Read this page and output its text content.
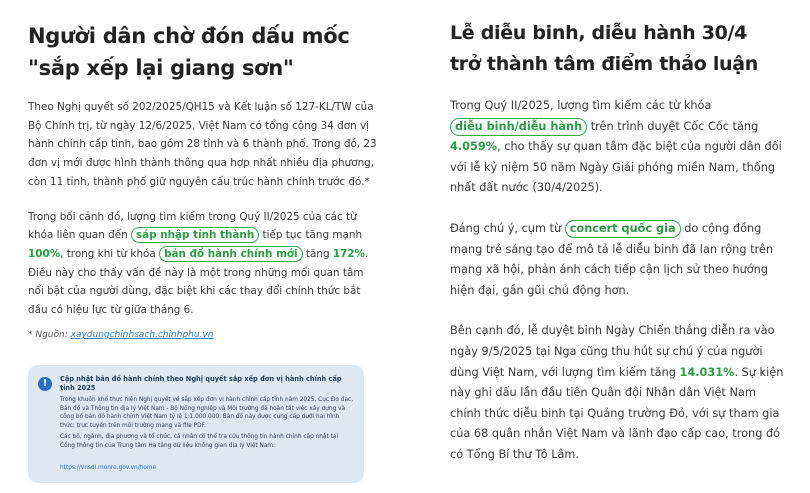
Người dân chờ đón dấu mốc
"sắp xếp lại giang sơn"

Theo Nghị quyết số 202/2025/QH15 và Kết luận số 127-KL/TW của Bộ Chính trị, từ ngày 12/6/2025, Việt Nam có tổng cộng 34 đơn vị hành chính cấp tỉnh, bao gồm 28 tỉnh và 6 thành phố. Trong đó, 23 đơn vị mới được hình thành thông qua hợp nhất nhiều địa phương, còn 11 tỉnh, thành phố giữ nguyên cấu trúc hành chính trước đó.*

Trong bối cảnh đó, lượng tìm kiếm trong Quý II/2025 của các từ khóa liên quan đến sáp nhập tỉnh thành tiếp tục tăng mạnh 100%, trong khi từ khóa bản đồ hành chính mới tăng 172%. Điều này cho thấy vấn đề này là một trong những mối quan tâm nổi bật của người dùng, đặc biệt khi các thay đổi chính thức bắt đầu có hiệu lực từ giữa tháng 6.

* Nguồn: xaydungchinhsach.chinhphu.vn

!	Cập nhật bản đồ hành chính theo Nghị quyết sắp xếp đơn vị hành chính cấp tỉnh 2025

Trong khuôn khổ thực hiện Nghị quyết về sắp xếp đơn vị hành chính cấp tỉnh năm 2025, Cục Đo đạc, Bản đồ và Thông tin địa lý Việt Nam - Bộ Nông nghiệp và Môi trường đã hoàn tất việc xây dựng và công bố bản đồ hành chính Việt Nam tỷ lệ 1:1.000.000. Bản đồ này được cung cấp dưới hai hình thức: trực tuyến trên môi trường mạng và file PDF.

Các bộ, ngành, địa phương và tổ chức, cá nhân có thể tra cứu thông tin hành chính cập nhật tại Cổng thông tin của Trung tâm Hạ tầng dữ liệu không gian địa lý Việt Nam:

https://vnsdi.monre.gov.vn/home
Lễ diễu binh, diễu hành 30/4
trở thành tâm điểm thảo luận

Trong Quý II/2025, lượng tìm kiếm các từ khóa diễu binh/diễu hành trên trình duyệt Cốc Cốc tăng 4.059%, cho thấy sự quan tâm đặc biệt của người dân đối với lễ kỷ niệm 50 năm Ngày Giải phóng miền Nam, thống nhất đất nước (30/4/2025).

Đáng chú ý, cụm từ concert quốc gia do cộng đồng mạng trẻ sáng tạo để mô tả lễ diễu binh đã lan rộng trên mạng xã hội, phản ánh cách tiếp cận lịch sử theo hướng hiện đại, gần gũi chủ động hơn.

Bên cạnh đó, lễ duyệt binh Ngày Chiến thắng diễn ra vào ngày 9/5/2025 tại Nga cũng thu hút sự chú ý của người dùng Việt Nam, với lượng tìm kiếm tăng 14.031%. Sự kiện này ghi dấu lần đầu tiên Quân đội Nhân dân Việt Nam chính thức diễu binh tại Quảng trường Đỏ, với sự tham gia của 68 quân nhân Việt Nam và lãnh đạo cấp cao, trong đó có Tổng Bí thư Tô Lâm.
